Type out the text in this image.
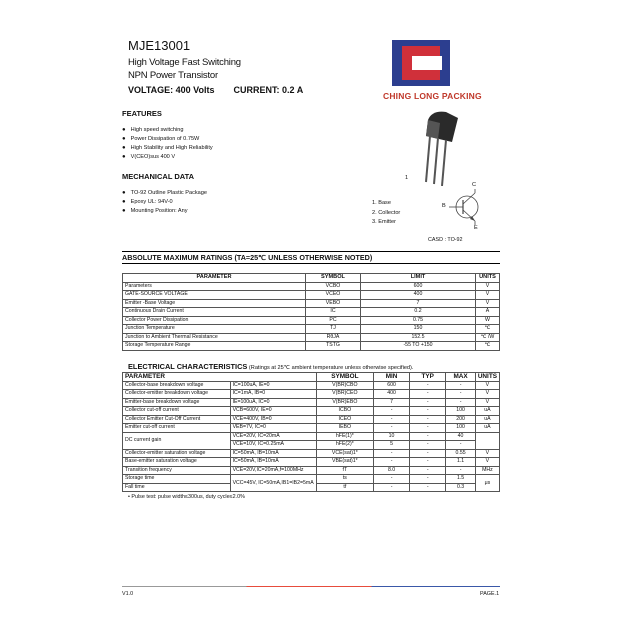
MJE13001
High Voltage Fast Switching
NPN Power Transistor
VOLTAGE: 400 Volts CURRENT: 0.2 A
CHING LONG PACKING
FEATURES
● High speed switching
● Power Dissipation of 0.75W
● High Stability and High Reliability
● V(CEO)sus 400 V
MECHANICAL DATA
● TO-92 Outline Plastic Package
● Epoxy UL: 94V-0
● Mounting Position: Any
1
C
B
E
1. Base
2. Collector
3. Emitter
CASD : TO-92
ABSOLUTE MAXIMUM RATINGS (TA=25℃ UNLESS OTHERWISE NOTED)
PARAMETER	SYMBOL	LIMIT	UNITS
Parameters	VCBO	600	V
GATE-SOURCE VOLTAGE	VCEO	400	V
Emitter -Base Voltage	VEBO	7	V
Continuous Drain Current	IC	0.2	A
Collector Power Dissipation	PC	0.75	W
Junction Temperature	TJ	150	℃
Junction to Ambient Thermal Resistance	RθJA	152.5	℃ /W
Storage Temperature Range	TSTG	-55 TO +150	℃
ELECTRICAL CHARACTERISTICS (Ratings at 25℃ ambient temperature unless otherwise specified).
PARAMETER		SYMBOL	MIN	TYP	MAX	UNITS
Collector-base breakdown voltage	IC=100uA, IE=0	V(BR)CBO	600	-	-	V
Collector-emitter breakdown voltage	IC=1mA, IB=0	V(BR)CEO	400	-	-	V
Emitter-base breakdown voltage	IE=100uA, IC=0	V(BR)EBO	7	-	-	V
Collector cut-off current	VCB=600V, IE=0	ICBO	-	-	100	uA
Collector Emitter Cut-Off Current	VCE=400V, IB=0	ICEO	-	-	200	uA
Emitter cut-off current	VEB=7V, IC=0	IEBO	-	-	100	uA
DC current gain	VCE=20V, IC=20mA	hFE(1)*	10	-	40	
	VCE=10V, IC=0.25mA	hFE(2)*	5	-	-	
Collector-emitter saturation voltage	IC=50mA, IB=10mA	VCE(sat)1*	-	-	0.55	V
Base-emitter saturation voltage	IC=50mA, IB=10mA	VBE(sat)1*	-	-	1.1	V
Transition frequency	VCE=20V,IC=20mA,f=100MHz	fT	8.0	-	-	MHz
Storage time	VCC=45V, IC=50mA,IB1=IB2=5mA	ts	-	-	1.5	μs
Fall time		tf	-	-	0.3	
• Pulse test: pulse width≤300us, duty cycle≤2.0%
V1.0	PAGE.1
